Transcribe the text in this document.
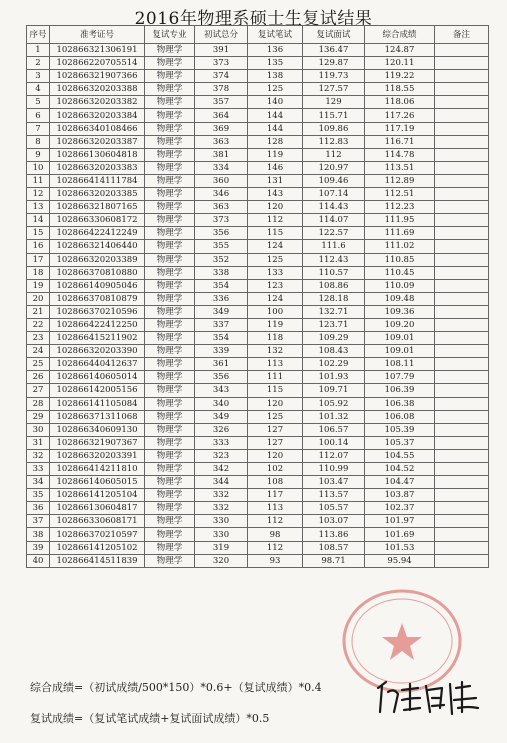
2016年物理系硕士生复试结果
序号	准考证号	复试专业	初试总分	复试笔试	复试面试	综合成绩	备注
1	102866321306191	物理学	391	136	136.47	124.87	
2	102866220705514	物理学	373	135	129.87	120.11	
3	102866321907366	物理学	374	138	119.73	119.22	
4	102866320203388	物理学	378	125	127.57	118.55	
5	102866320203382	物理学	357	140	129	118.06	
6	102866320203384	物理学	364	144	115.71	117.26	
7	102866340108466	物理学	369	144	109.86	117.19	
8	102866320203387	物理学	363	128	112.83	116.71	
9	102866130604818	物理学	381	119	112	114.78	
10	102866320203383	物理学	334	146	120.97	113.51	
11	102866414111784	物理学	360	131	109.46	112.89	
12	102866320203385	物理学	346	143	107.14	112.51	
13	102866321807165	物理学	363	120	114.43	112.23	
14	102866330608172	物理学	373	112	114.07	111.95	
15	102866422412249	物理学	356	115	122.57	111.69	
16	102866321406440	物理学	355	124	111.6	111.02	
17	102866320203389	物理学	352	125	112.43	110.85	
18	102866370810880	物理学	338	133	110.57	110.45	
19	102866140905046	物理学	354	123	108.86	110.09	
20	102866370810879	物理学	336	124	128.18	109.48	
21	102866370210596	物理学	349	100	132.71	109.36	
22	102866422412250	物理学	337	119	123.71	109.20	
23	102866415211902	物理学	354	118	109.29	109.01	
24	102866320203390	物理学	339	132	108.43	109.01	
25	102866440412637	物理学	361	113	102.29	108.11	
26	102866140605014	物理学	356	111	101.93	107.79	
27	102866142005156	物理学	343	115	109.71	106.39	
28	102866141105084	物理学	340	120	105.92	106.38	
29	102866371311068	物理学	349	125	101.32	106.08	
30	102866340609130	物理学	326	127	106.57	105.39	
31	102866321907367	物理学	333	127	100.14	105.37	
32	102866320203391	物理学	323	120	112.07	104.55	
33	102866414211810	物理学	342	102	110.99	104.52	
34	102866140605015	物理学	344	108	103.47	104.47	
35	102866141205104	物理学	332	117	113.57	103.87	
36	102866130604817	物理学	332	113	105.57	102.37	
37	102866330608171	物理学	330	112	103.07	101.97	
38	102866370210597	物理学	330	98	113.86	101.69	
39	102866141205102	物理学	319	112	108.57	101.53	
40	102866414511839	物理学	320	93	98.71	95.94	
综合成绩=（初试成绩/500*150）*0.6+（复试成绩）*0.4
复试成绩=（复试笔试成绩+复试面试成绩）*0.5
